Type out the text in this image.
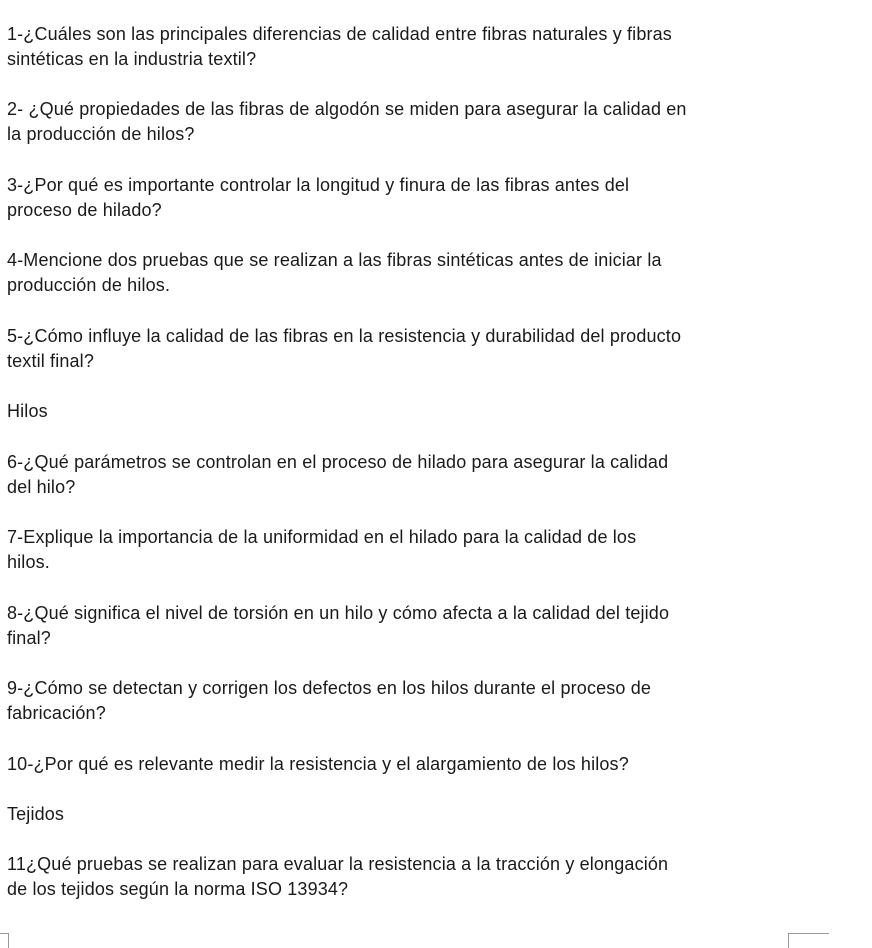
1-¿Cuáles son las principales diferencias de calidad entre fibras naturales y fibras
sintéticas en la industria textil?

2- ¿Qué propiedades de las fibras de algodón se miden para asegurar la calidad en
la producción de hilos?

3-¿Por qué es importante controlar la longitud y finura de las fibras antes del
proceso de hilado?

4-Mencione dos pruebas que se realizan a las fibras sintéticas antes de iniciar la
producción de hilos.

5-¿Cómo influye la calidad de las fibras en la resistencia y durabilidad del producto
textil final?

Hilos

6-¿Qué parámetros se controlan en el proceso de hilado para asegurar la calidad
del hilo?

7-Explique la importancia de la uniformidad en el hilado para la calidad de los
hilos.

8-¿Qué significa el nivel de torsión en un hilo y cómo afecta a la calidad del tejido
final?

9-¿Cómo se detectan y corrigen los defectos en los hilos durante el proceso de
fabricación?

10-¿Por qué es relevante medir la resistencia y el alargamiento de los hilos?

Tejidos

11¿Qué pruebas se realizan para evaluar la resistencia a la tracción y elongación
de los tejidos según la norma ISO 13934?
